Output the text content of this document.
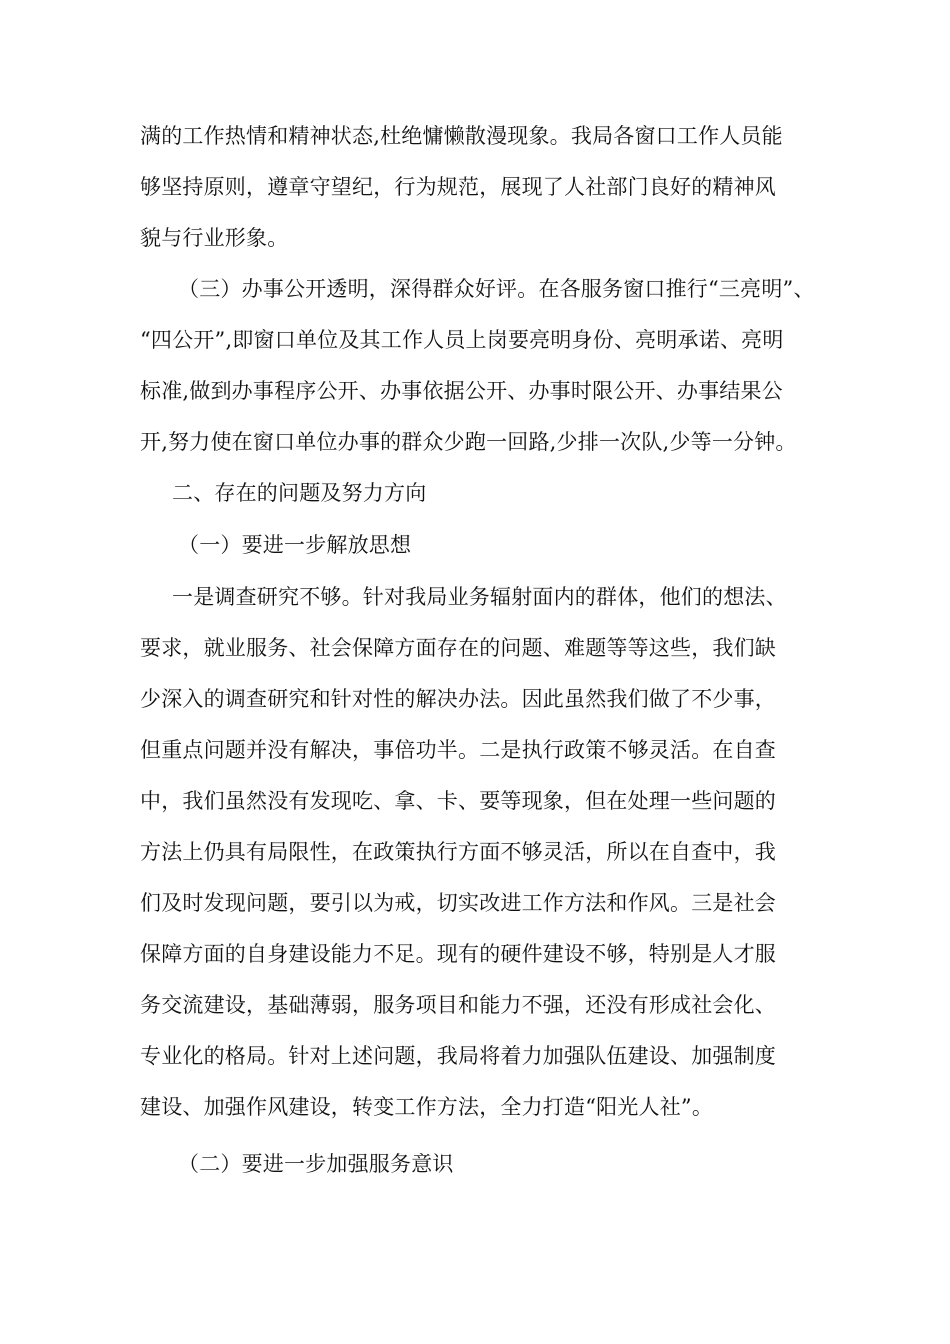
满的工作热情和精神状态,杜绝慵懒散漫现象。我局各窗口工作人员能
够坚持原则，遵章守望纪，行为规范，展现了人社部门良好的精神风
貌与行业形象。
（三）办事公开透明，深得群众好评。在各服务窗口推行“三亮明”、
“四公开”,即窗口单位及其工作人员上岗要亮明身份、亮明承诺、亮明
标准,做到办事程序公开、办事依据公开、办事时限公开、办事结果公
开,努力使在窗口单位办事的群众少跑一回路,少排一次队,少等一分钟。
二、存在的问题及努力方向
（一）要进一步解放思想
一是调查研究不够。针对我局业务辐射面内的群体，他们的想法、
要求，就业服务、社会保障方面存在的问题、难题等等这些，我们缺
少深入的调查研究和针对性的解决办法。因此虽然我们做了不少事，
但重点问题并没有解决，事倍功半。二是执行政策不够灵活。在自查
中，我们虽然没有发现吃、拿、卡、要等现象，但在处理一些问题的
方法上仍具有局限性，在政策执行方面不够灵活，所以在自查中，我
们及时发现问题，要引以为戒，切实改进工作方法和作风。三是社会
保障方面的自身建设能力不足。现有的硬件建设不够，特别是人才服
务交流建设，基础薄弱，服务项目和能力不强，还没有形成社会化、
专业化的格局。针对上述问题，我局将着力加强队伍建设、加强制度
建设、加强作风建设，转变工作方法，全力打造“阳光人社”。
（二）要进一步加强服务意识
